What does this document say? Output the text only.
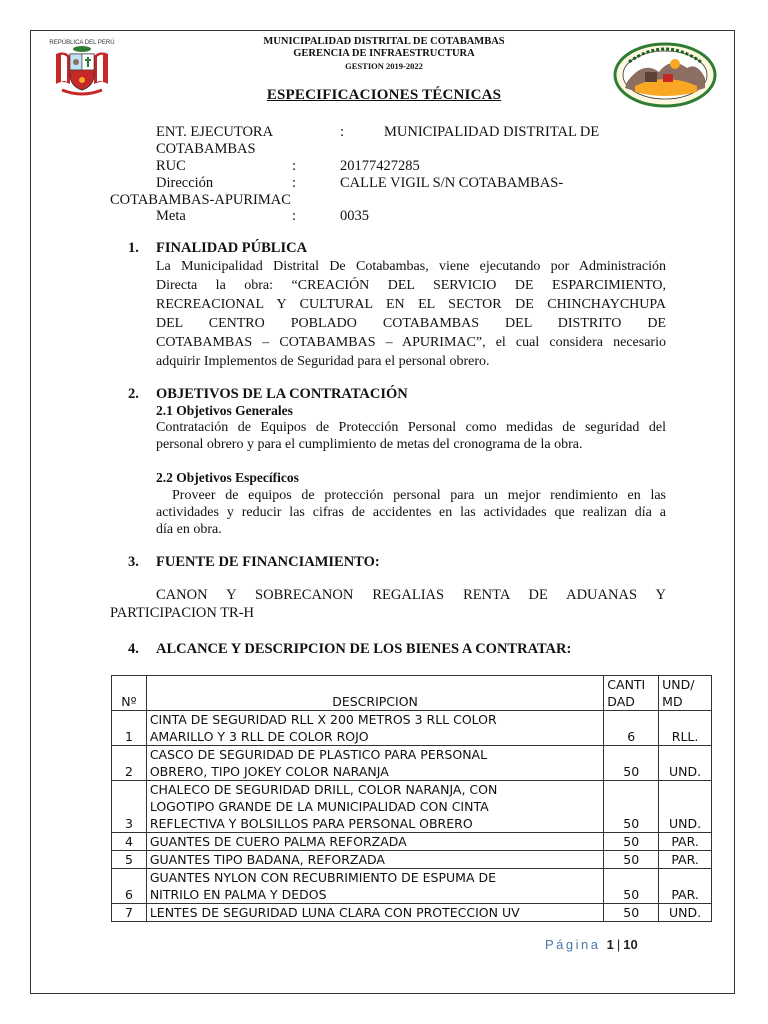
REPÚBLICA DEL PERÚ	MUNICIPALIDAD DISTRITAL DE COTABAMBAS
GERENCIA DE INFRAESTRUCTURA
GESTION 2019-2022
ESPECIFICACIONES TÉCNICAS
ENT. EJECUTORA	:	MUNICIPALIDAD DISTRITAL DE
COTABAMBAS
RUC	:	20177427285
Dirección	:	CALLE VIGIL S/N COTABAMBAS-
COTABAMBAS-APURIMAC
Meta	:	0035
1. FINALIDAD PÚBLICA
La Municipalidad Distrital De Cotabambas, viene ejecutando por Administración
Directa la obra: “CREACIÓN DEL SERVICIO DE ESPARCIMIENTO,
RECREACIONAL Y CULTURAL EN EL SECTOR DE CHINCHAYCHUPA
DEL CENTRO POBLADO COTABAMBAS DEL DISTRITO DE
COTABAMBAS – COTABAMBAS – APURIMAC”, el cual considera necesario
adquirir Implementos de Seguridad para el personal obrero.
2. OBJETIVOS DE LA CONTRATACIÓN
2.1 Objetivos Generales
Contratación de Equipos de Protección Personal como medidas de seguridad del
personal obrero y para el cumplimiento de metas del cronograma de la obra.
2.2 Objetivos Específicos
Proveer de equipos de protección personal para un mejor rendimiento en las
actividades y reducir las cifras de accidentes en las actividades que realizan día a
día en obra.
3. FUENTE DE FINANCIAMIENTO:
CANON Y SOBRECANON REGALIAS RENTA DE ADUANAS Y
PARTICIPACION TR-H
4. ALCANCE Y DESCRIPCION DE LOS BIENES A CONTRATAR:
Nº	DESCRIPCION	CANTI
DAD	UND/
MD
1	CINTA DE SEGURIDAD RLL X 200 METROS 3 RLL COLOR
AMARILLO Y 3 RLL DE COLOR ROJO	6	RLL.
2	CASCO DE SEGURIDAD DE PLASTICO PARA PERSONAL
OBRERO, TIPO JOKEY COLOR NARANJA	50	UND.
3	CHALECO DE SEGURIDAD DRILL, COLOR NARANJA, CON
LOGOTIPO GRANDE DE LA MUNICIPALIDAD CON CINTA
REFLECTIVA Y BOLSILLOS PARA PERSONAL OBRERO	50	UND.
4	GUANTES DE CUERO PALMA REFORZADA	50	PAR.
5	GUANTES TIPO BADANA, REFORZADA	50	PAR.
6	GUANTES NYLON CON RECUBRIMIENTO DE ESPUMA DE
NITRILO EN PALMA Y DEDOS	50	PAR.
7	LENTES DE SEGURIDAD LUNA CLARA CON PROTECCION UV	50	UND.
Página 1 | 10
